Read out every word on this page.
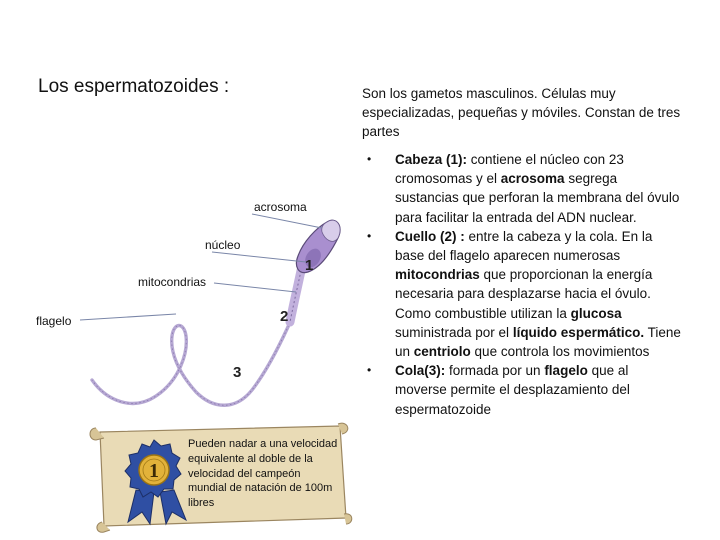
Los espermatozoides :	Son los gametos masculinos. Células muy especializadas, pequeñas y móviles. Constan de tres partes
• Cabeza (1): contiene el núcleo con 23 cromosomas y el acrosoma segrega sustancias que perforan la membrana del óvulo para facilitar la entrada del ADN nuclear.
• Cuello (2) : entre la cabeza y la cola. En la base del flagelo aparecen numerosas mitocondrias que proporcionan la energía necesaria para desplazarse hacia el óvulo. Como combustible utilizan la glucosa suministrada por el líquido espermático. Tiene un centriolo que controla los movimientos
• Cola(3): formada por un flagelo que al moverse permite el desplazamiento del espermatozoide
acrosoma
núcleo
mitocondrias
flagelo
1
2
3
1
Pueden nadar a una velocidad equivalente al doble de la velocidad del campeón mundial de natación de 100m libres
